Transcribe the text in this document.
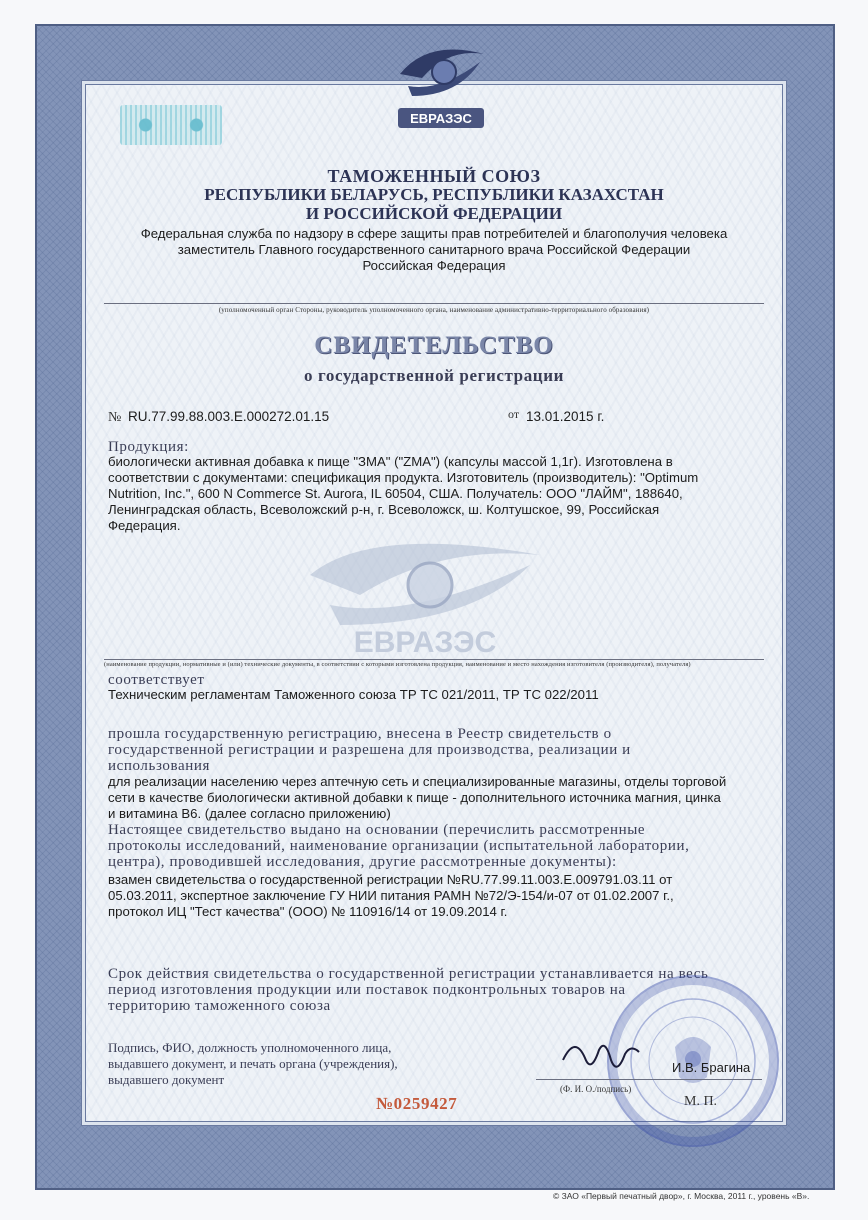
ЕВРАЗЭС
ТАМОЖЕННЫЙ СОЮЗ
РЕСПУБЛИКИ БЕЛАРУСЬ, РЕСПУБЛИКИ КАЗАХСТАН
И РОССИЙСКОЙ ФЕДЕРАЦИИ
Федеральная служба по надзору в сфере защиты прав потребителей и благополучия человека
заместитель Главного государственного санитарного врача Российской Федерации
Российская Федерация
(уполномоченный орган Стороны, руководитель уполномоченного органа, наименование административно-территориального образования)
СВИДЕТЕЛЬСТВО
о государственной регистрации
№ RU.77.99.88.003.Е.000272.01.15	от 13.01.2015 г.
Продукция:
биологически активная добавка к пище "ЗМА" ("ZMA") (капсулы массой 1,1г). Изготовлена в
соответствии с документами: спецификация продукта. Изготовитель (производитель): "Optimum
Nutrition, Inc.", 600 N Commerce St. Aurora, IL 60504, США. Получатель: ООО "ЛАЙМ", 188640,
Ленинградская область, Всеволожский р-н, г. Всеволожск, ш. Колтушское, 99, Российская
Федерация.
ЕВРАЗЭС
(наименование продукции, нормативные и (или) технические документы, в соответствии с которыми изготовлена продукция, наименование и место нахождения изготовителя (производителя), получателя)
соответствует
Техническим регламентам Таможенного союза ТР ТС 021/2011, ТР ТС 022/2011
прошла государственную регистрацию, внесена в Реестр свидетельств о
государственной регистрации и разрешена для производства, реализации и
использования
для реализации населению через аптечную сеть и специализированные магазины, отделы торговой
сети в качестве биологически активной добавки к пище - дополнительного источника магния, цинка
и витамина В6. (далее согласно приложению)
Настоящее свидетельство выдано на основании (перечислить рассмотренные
протоколы исследований, наименование организации (испытательной лаборатории,
центра), проводившей исследования, другие рассмотренные документы):
взамен свидетельства о государственной регистрации №RU.77.99.11.003.Е.009791.03.11 от
05.03.2011, экспертное заключение ГУ НИИ питания РАМН №72/Э-154/и-07 от 01.02.2007 г.,
протокол ИЦ "Тест качества" (ООО) № 110916/14 от 19.09.2014 г.
Срок действия свидетельства о государственной регистрации устанавливается на весь
период изготовления продукции или поставок подконтрольных товаров на
территорию таможенного союза
Подпись, ФИО, должность уполномоченного лица,
выдавшего документ, и печать органа (учреждения),
выдавшего документ
И.В. Брагина
(Ф. И. О./подпись)
М. П.
№0259427
© ЗАО «Первый печатный двор», г. Москва, 2011 г., уровень «В».
